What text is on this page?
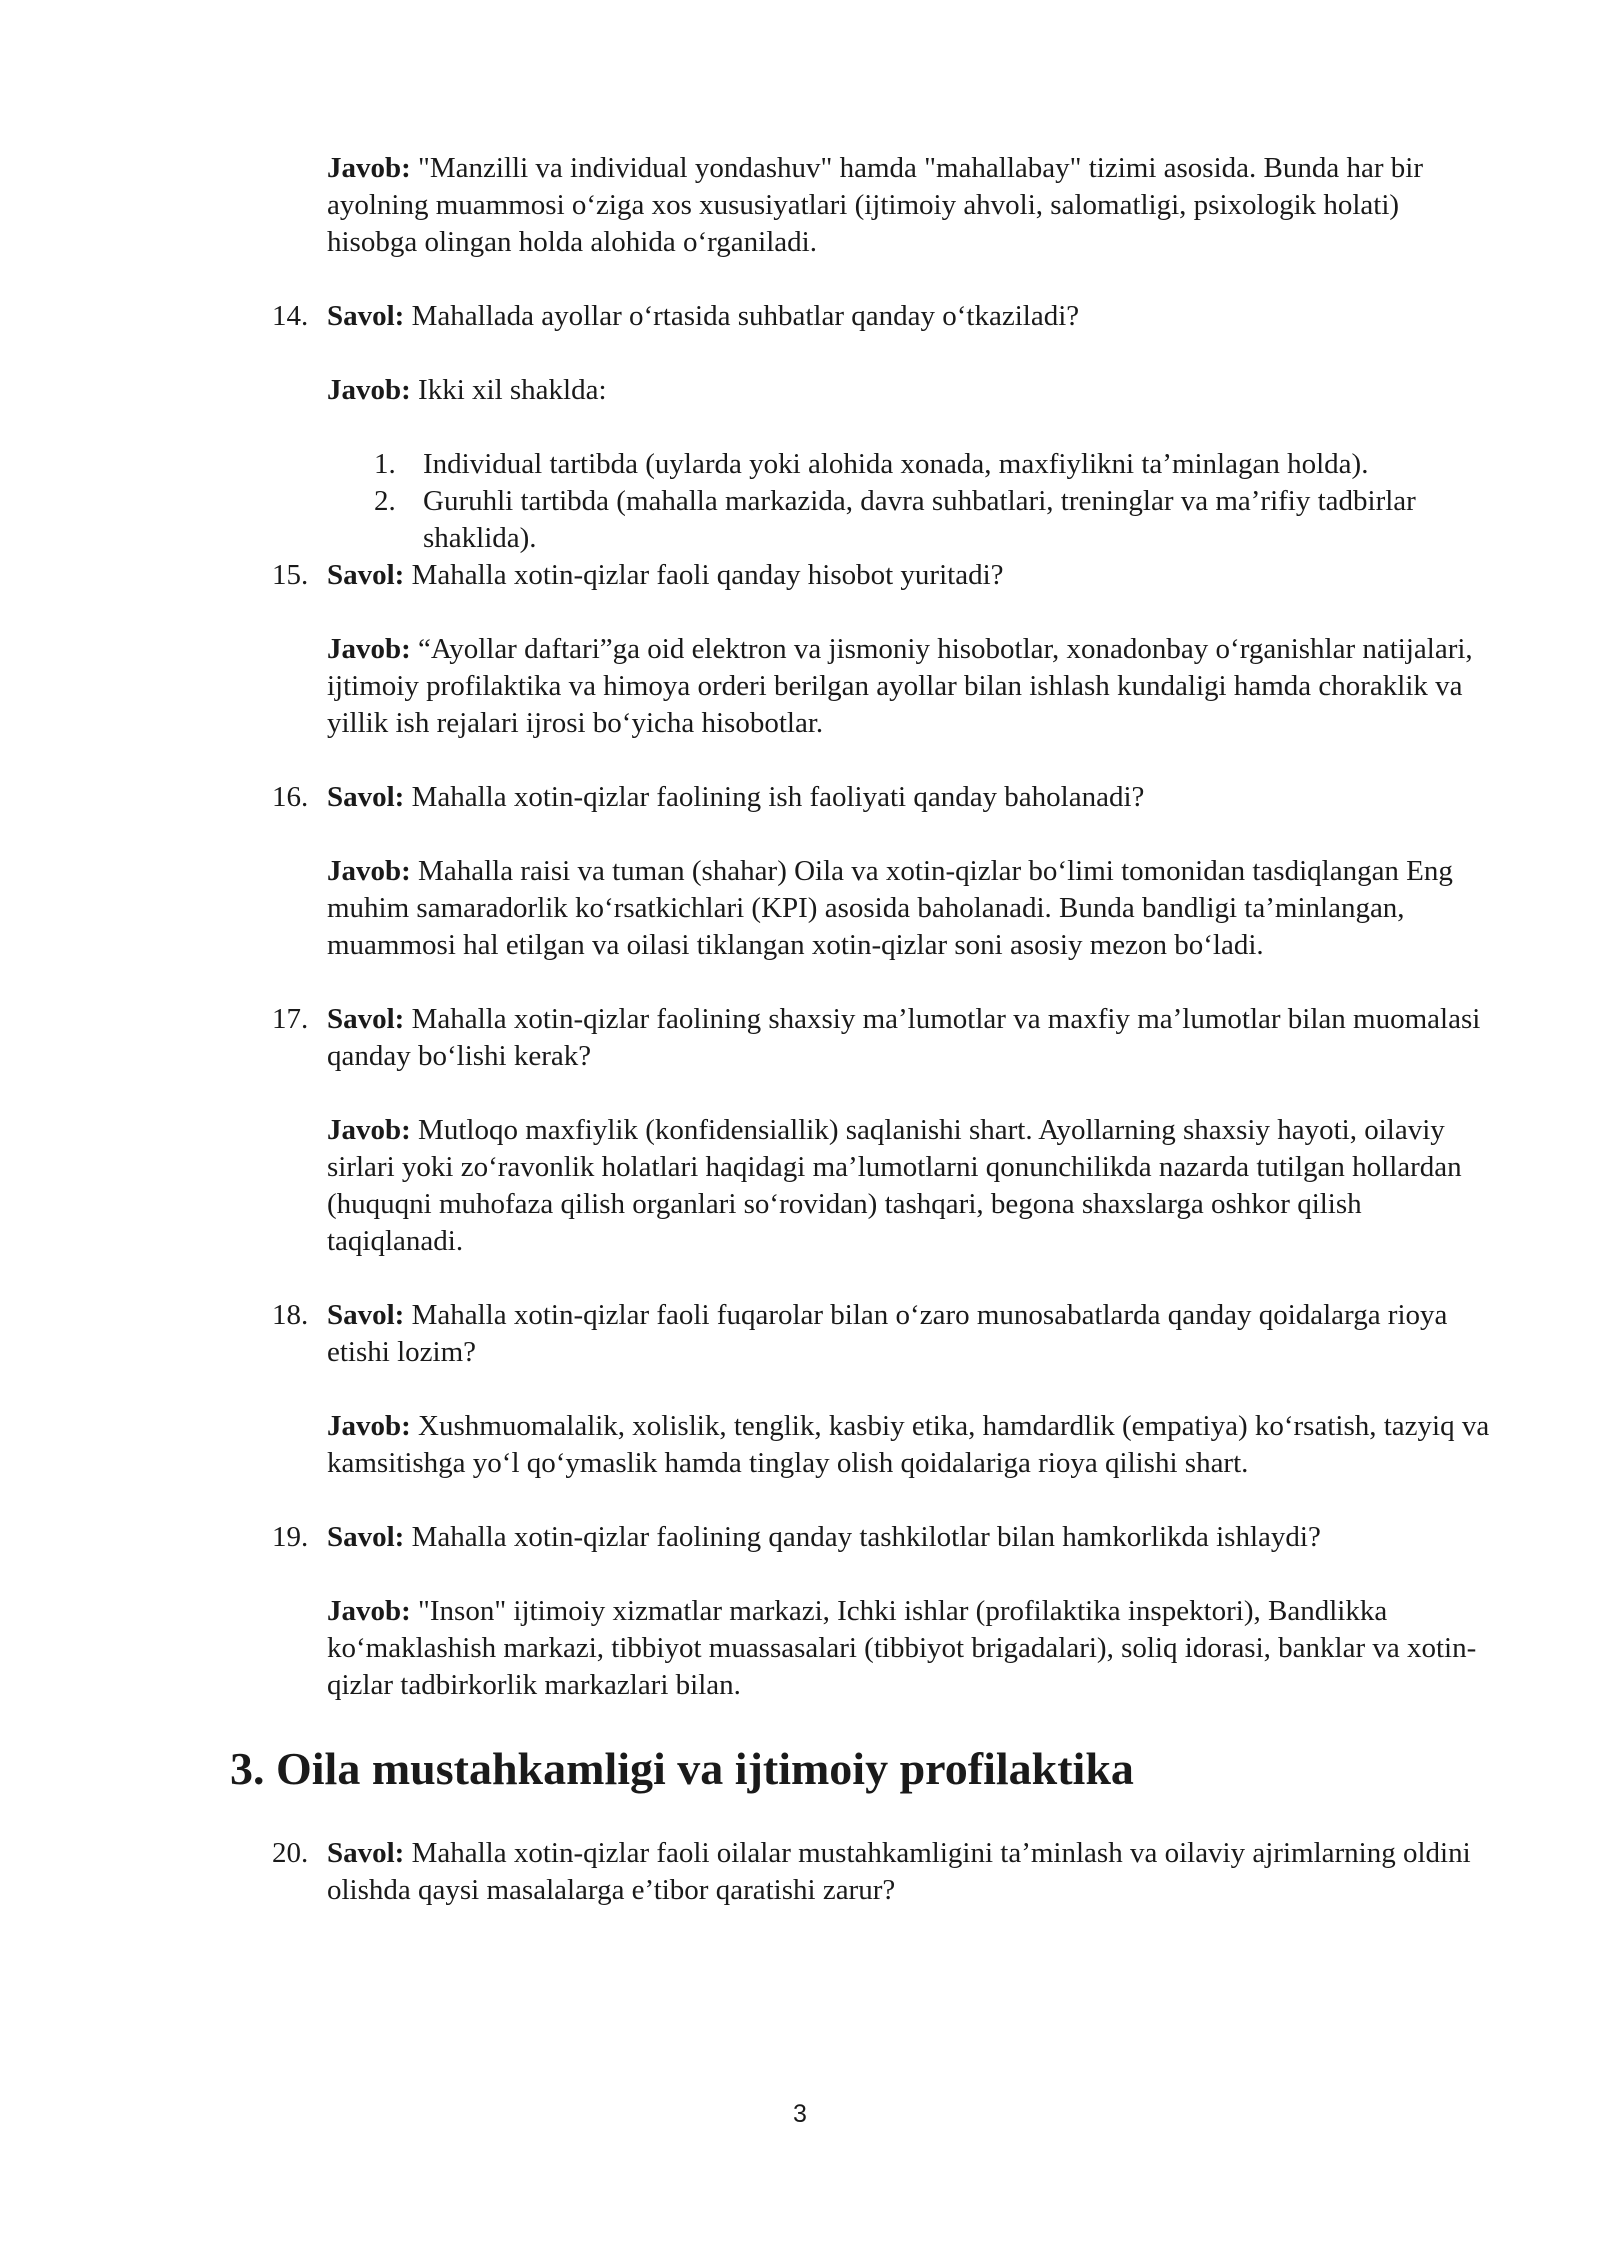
Javob: "Manzilli va individual yondashuv" hamda "mahallabay" tizimi asosida. Bunda har bir ayolning muammosi o‘ziga xos xususiyatlari (ijtimoiy ahvoli, salomatligi, psixologik holati) hisobga olingan holda alohida o‘rganiladi.

14. Savol: Mahallada ayollar o‘rtasida suhbatlar qanday o‘tkaziladi?

Javob: Ikki xil shaklda:

1. Individual tartibda (uylarda yoki alohida xonada, maxfiylikni ta’minlagan holda).
2. Guruhli tartibda (mahalla markazida, davra suhbatlari, treninglar va ma’rifiy tadbirlar shaklida).
15. Savol: Mahalla xotin-qizlar faoli qanday hisobot yuritadi?

Javob: “Ayollar daftari”ga oid elektron va jismoniy hisobotlar, xonadonbay o‘rganishlar natijalari, ijtimoiy profilaktika va himoya orderi berilgan ayollar bilan ishlash kundaligi hamda choraklik va yillik ish rejalari ijrosi bo‘yicha hisobotlar.

16. Savol: Mahalla xotin-qizlar faolining ish faoliyati qanday baholanadi?

Javob: Mahalla raisi va tuman (shahar) Oila va xotin-qizlar bo‘limi tomonidan tasdiqlangan Eng muhim samaradorlik ko‘rsatkichlari (KPI) asosida baholanadi. Bunda bandligi ta’minlangan, muammosi hal etilgan va oilasi tiklangan xotin-qizlar soni asosiy mezon bo‘ladi.

17. Savol: Mahalla xotin-qizlar faolining shaxsiy ma’lumotlar va maxfiy ma’lumotlar bilan muomalasi qanday bo‘lishi kerak?

Javob: Mutloqo maxfiylik (konfidensiallik) saqlanishi shart. Ayollarning shaxsiy hayoti, oilaviy sirlari yoki zo‘ravonlik holatlari haqidagi ma’lumotlarni qonunchilikda nazarda tutilgan hollardan (huquqni muhofaza qilish organlari so‘rovidan) tashqari, begona shaxslarga oshkor qilish taqiqlanadi.

18. Savol: Mahalla xotin-qizlar faoli fuqarolar bilan o‘zaro munosabatlarda qanday qoidalarga rioya etishi lozim?

Javob: Xushmuomalalik, xolislik, tenglik, kasbiy etika, hamdardlik (empatiya) ko‘rsatish, tazyiq va kamsitishga yo‘l qo‘ymaslik hamda tinglay olish qoidalariga rioya qilishi shart.

19. Savol: Mahalla xotin-qizlar faolining qanday tashkilotlar bilan hamkorlikda ishlaydi?

Javob: "Inson" ijtimoiy xizmatlar markazi, Ichki ishlar (profilaktika inspektori), Bandlikka ko‘maklashish markazi, tibbiyot muassasalari (tibbiyot brigadalari), soliq idorasi, banklar va xotin-qizlar tadbirkorlik markazlari bilan.

3. Oila mustahkamligi va ijtimoiy profilaktika
20. Savol: Mahalla xotin-qizlar faoli oilalar mustahkamligini ta’minlash va oilaviy ajrimlarning oldini olishda qaysi masalalarga e’tibor qaratishi zarur?
3
